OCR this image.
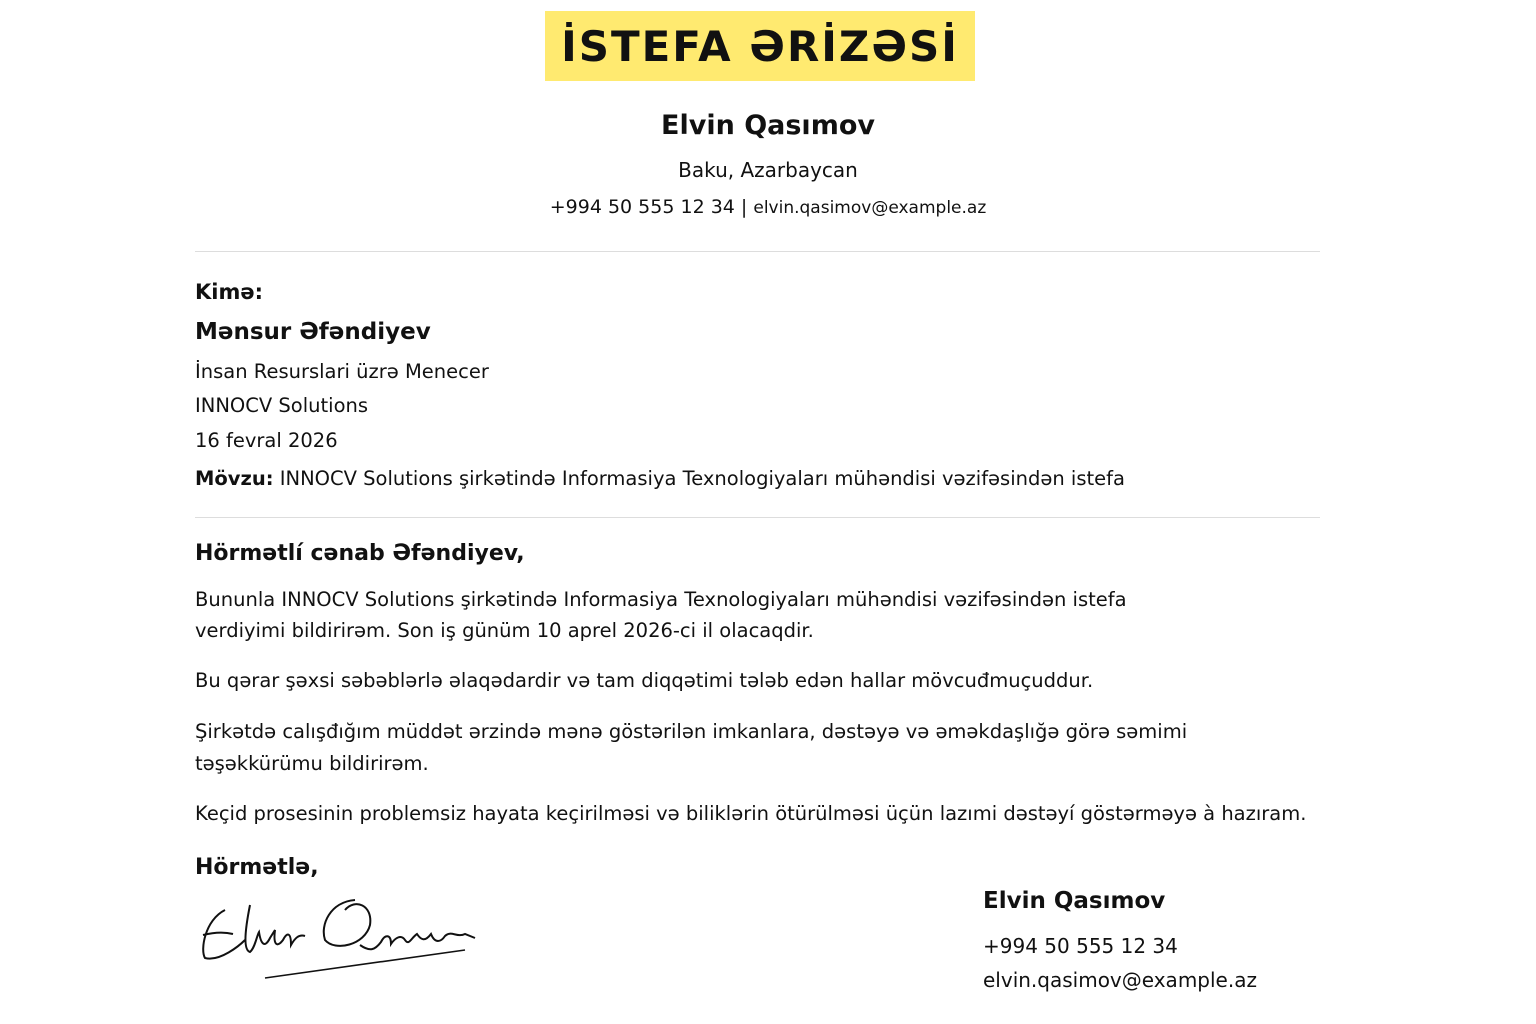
İSTEFA ƏRİZƏSİ
Elvin Qasımov
Baku, Azarbaycan
+994 50 555 12 34 | elvin.qasimov@example.az
Kimə:
Mənsur Əfəndiyev
İnsan Resurslari üzrə Menecer
INNOCV Solutions
16 fevral 2026
Mövzu: INNOCV Solutions şirkətində Informasiya Texnologiyaları mühəndisi vəzifəsindən istefa
Hörmətlí cənab Əfəndiyev,
Bununla INNOCV Solutions şirkətində Informasiya Texnologiyaları mühəndisi vəzifəsindən istefa
verdiyimi bildirirəm. Son iş günüm 10 aprel 2026-ci il olacaqdir.
Bu qərar şəxsi səbəblərlə əlaqədardir və tam diqqətimi tələb edən hallar mövcuđmuçuddur.
Şirkətdə calışđığım müddət ərzində mənə göstərilən imkanlara, dəstəyə və əməkdaşlığə görə səmimi
təşəkkürümu bildirirəm.
Keçid prosesinin problemsiz hayata keçirilməsi və biliklərin ötürülməsi üçün lazımi dəstəyí göstərməyə à hazıram.
Hörmətlə,
Elvin Qasımov
+994 50 555 12 34
elvin.qasimov@example.az
